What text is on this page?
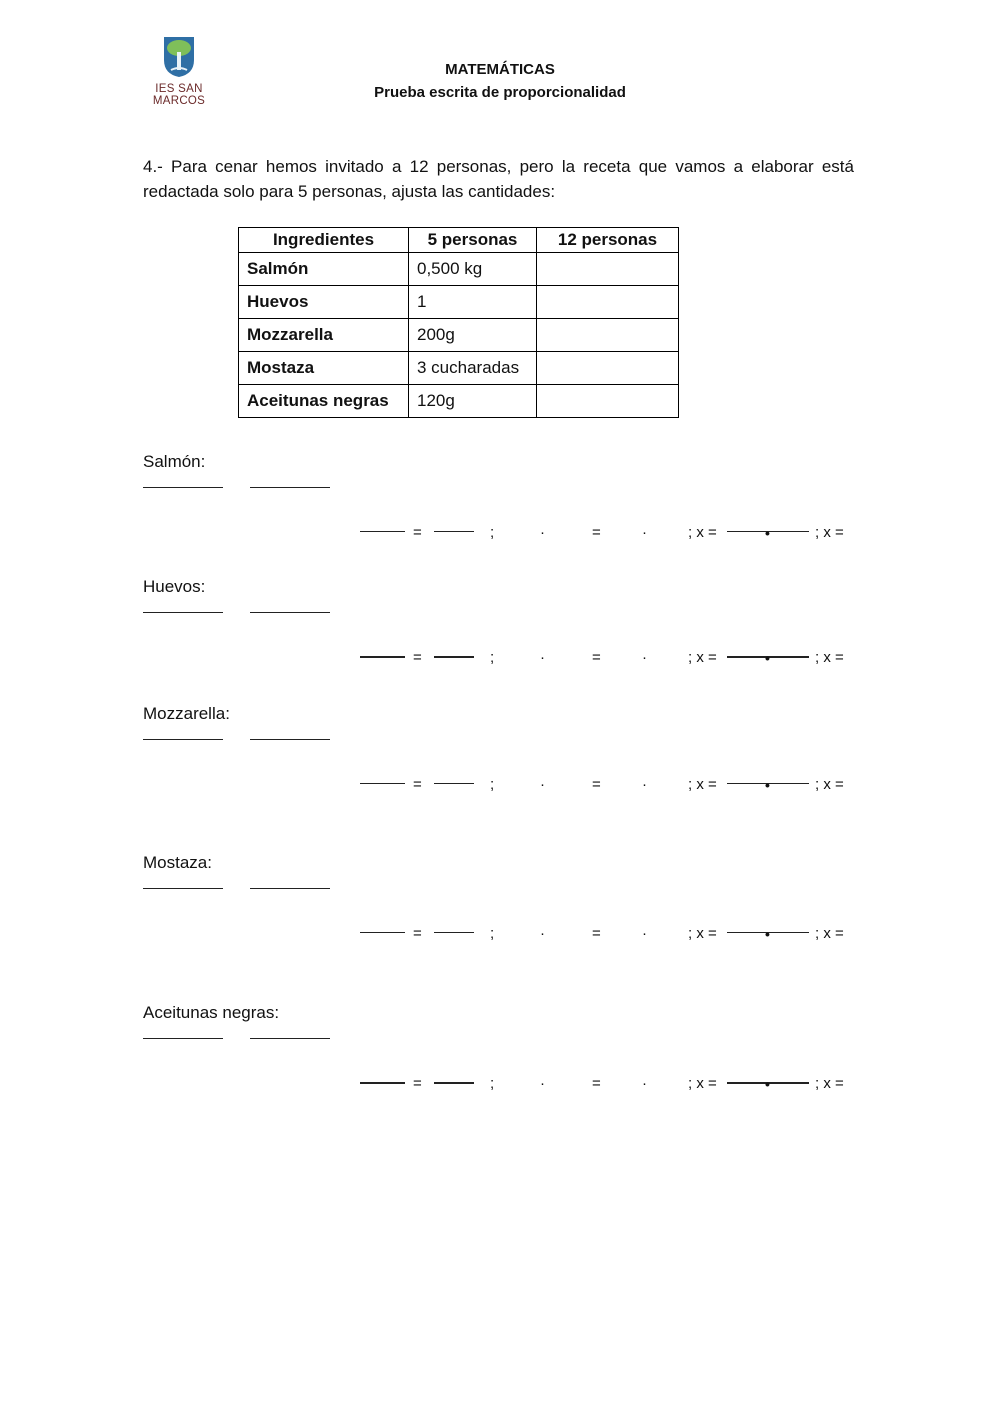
IES SAN MARCOS
MATEMÁTICAS
Prueba escrita de proporcionalidad
4.- Para cenar hemos invitado a 12 personas, pero la receta que vamos a elaborar está redactada solo para 5 personas, ajusta las cantidades:
Ingredientes	5 personas	12 personas
Salmón	0,500 kg	
Huevos	1	
Mozzarella	200g	
Mostaza	3 cucharadas	
Aceitunas negras	120g	
Salmón:
=	;	·	=	·	; x =	•	; x =
Huevos:
=	;	·	=	·	; x =	•	; x =
Mozzarella:
=	;	·	=	·	; x =	•	; x =
Mostaza:
=	;	·	=	·	; x =	•	; x =
Aceitunas negras:
=	;	·	=	·	; x =	•	; x =
